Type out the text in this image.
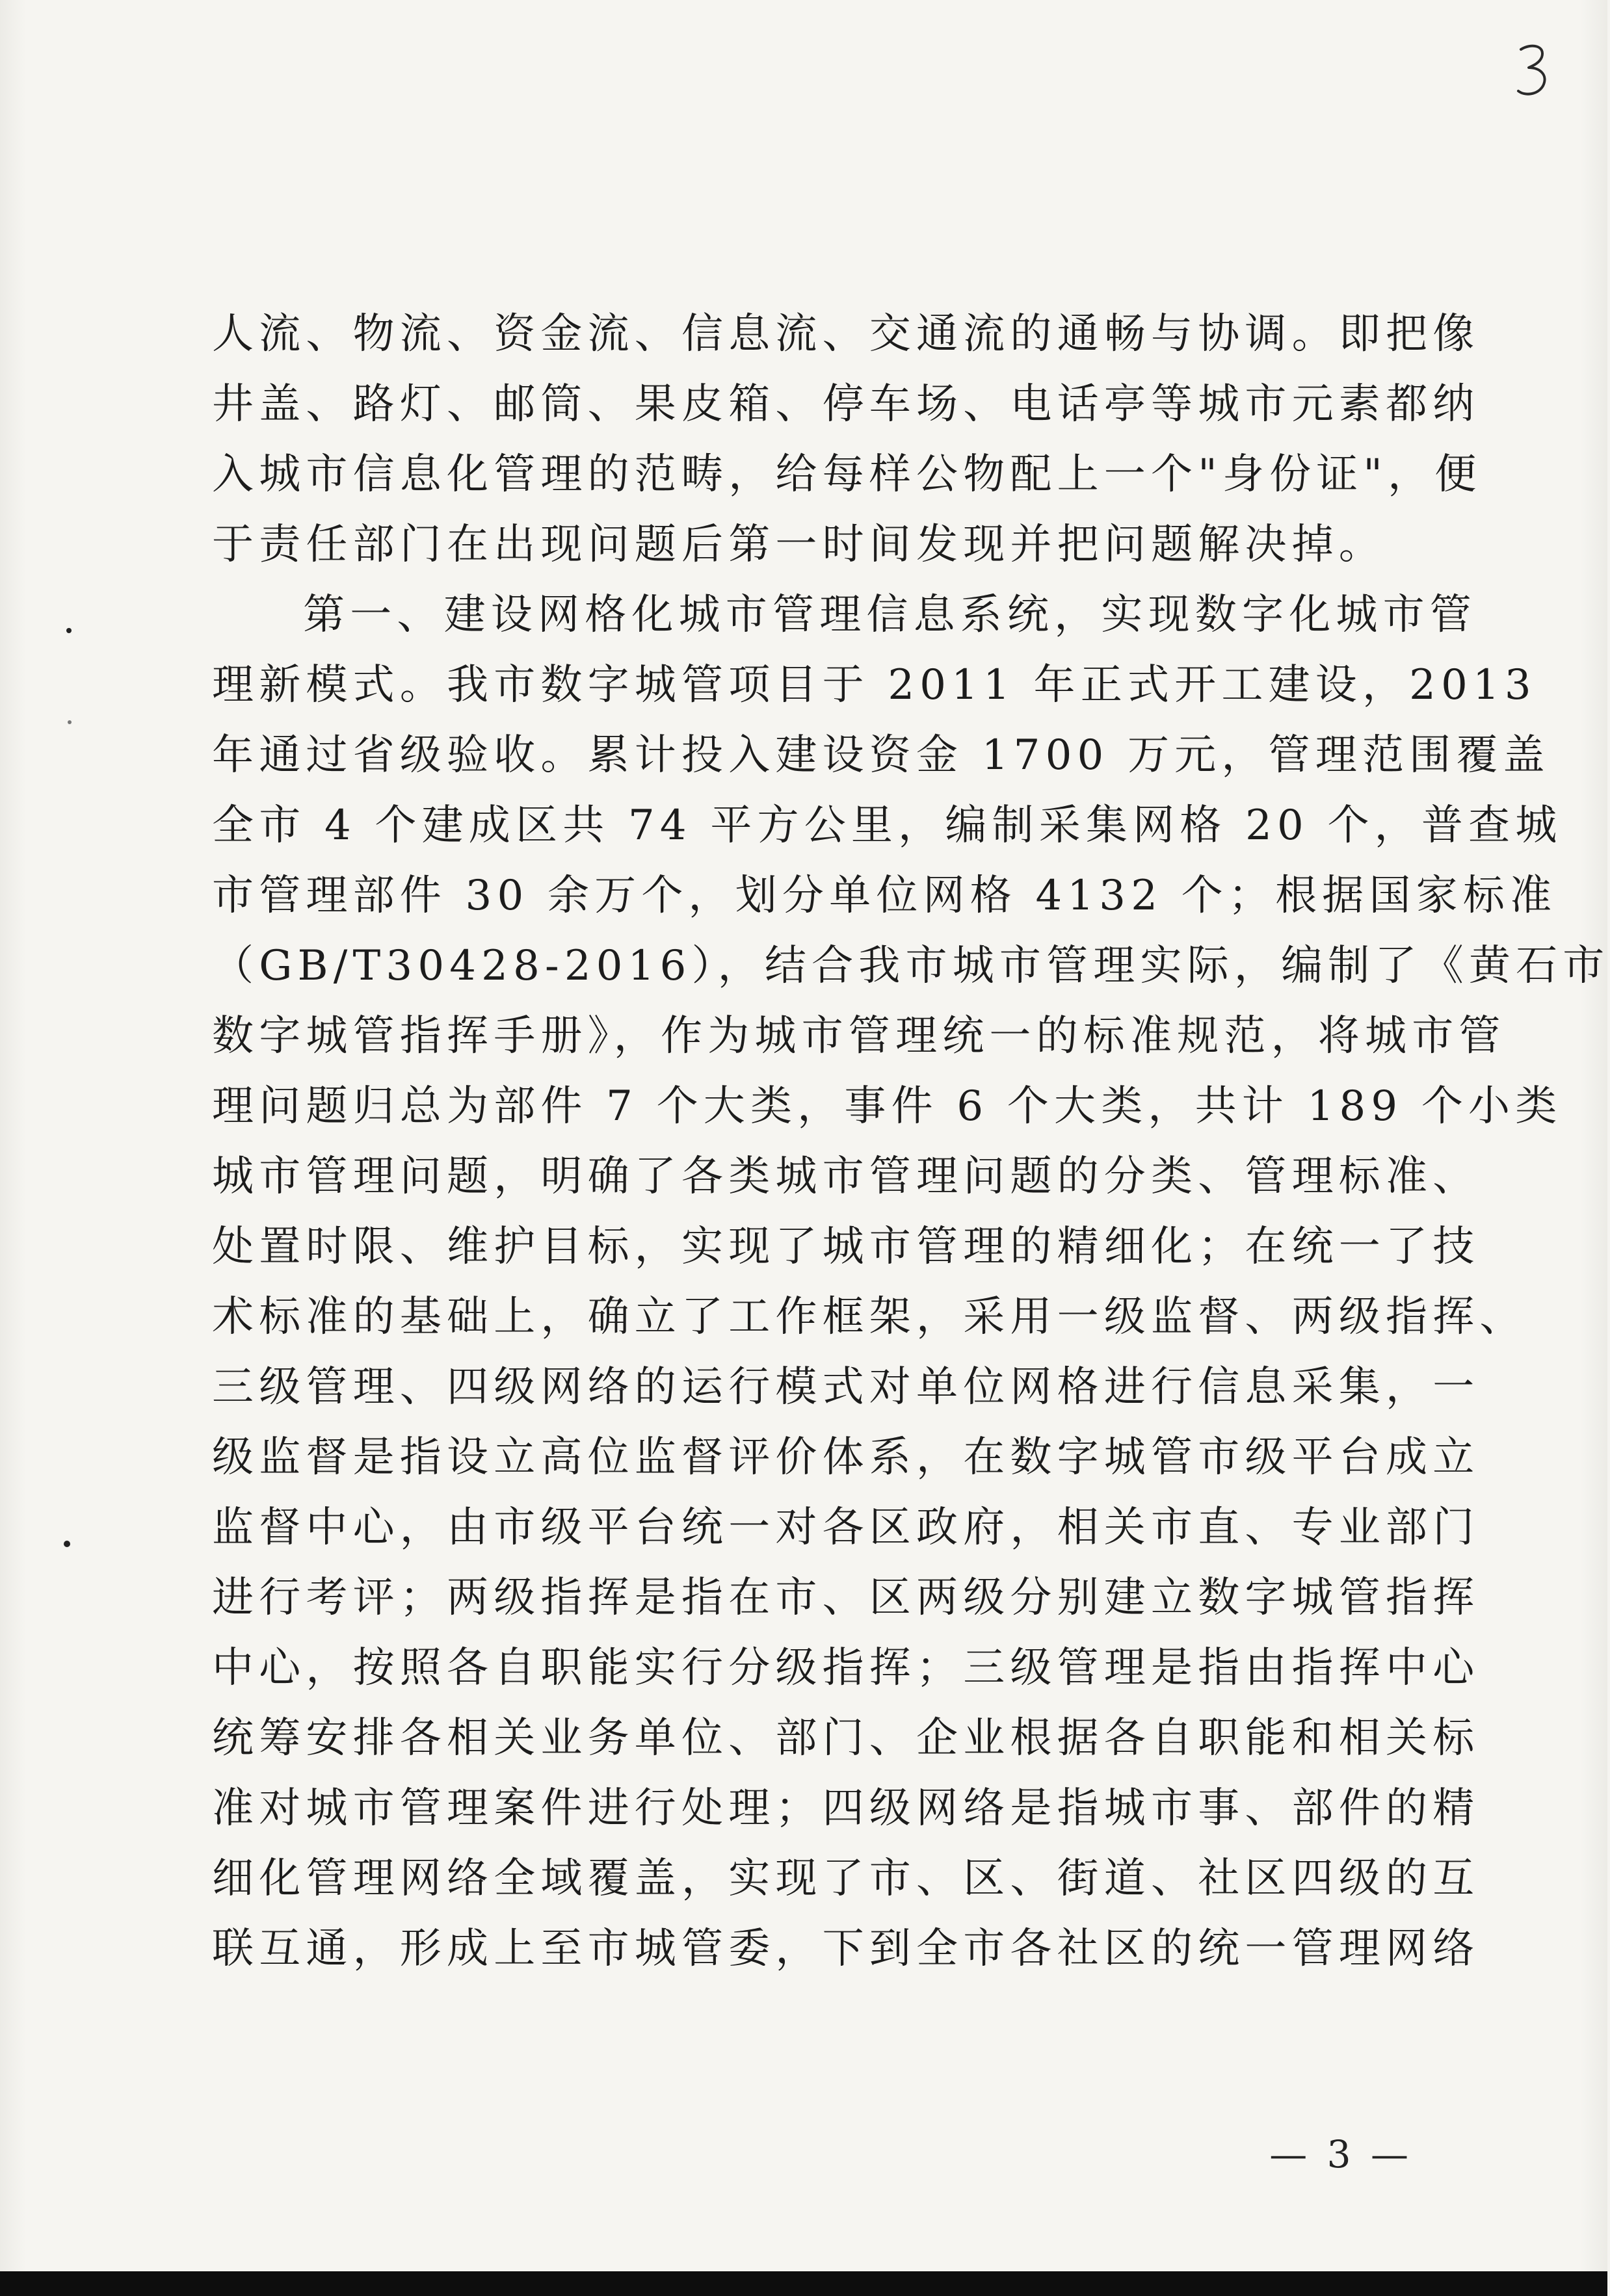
人流、物流、资金流、信息流、交通流的通畅与协调。即把像
井盖、路灯、邮筒、果皮箱、停车场、电话亭等城市元素都纳
入城市信息化管理的范畴，给每样公物配上一个"身份证"，便
于责任部门在出现问题后第一时间发现并把问题解决掉。
第一、建设网格化城市管理信息系统，实现数字化城市管
理新模式。我市数字城管项目于 2011 年正式开工建设，2013
年通过省级验收。累计投入建设资金 1700 万元，管理范围覆盖
全市 4 个建成区共 74 平方公里，编制采集网格 20 个，普查城
市管理部件 30 余万个，划分单位网格 4132 个；根据国家标准
（GB/T30428-2016），结合我市城市管理实际，编制了《黄石市
数字城管指挥手册》，作为城市管理统一的标准规范，将城市管
理问题归总为部件 7 个大类，事件 6 个大类，共计 189 个小类
城市管理问题，明确了各类城市管理问题的分类、管理标准、
处置时限、维护目标，实现了城市管理的精细化；在统一了技
术标准的基础上，确立了工作框架，采用一级监督、两级指挥、
三级管理、四级网络的运行模式对单位网格进行信息采集，一
级监督是指设立高位监督评价体系，在数字城管市级平台成立
监督中心，由市级平台统一对各区政府，相关市直、专业部门
进行考评；两级指挥是指在市、区两级分别建立数字城管指挥
中心，按照各自职能实行分级指挥；三级管理是指由指挥中心
统筹安排各相关业务单位、部门、企业根据各自职能和相关标
准对城市管理案件进行处理；四级网络是指城市事、部件的精
细化管理网络全域覆盖，实现了市、区、街道、社区四级的互
联互通，形成上至市城管委，下到全市各社区的统一管理网络
— 3 —
